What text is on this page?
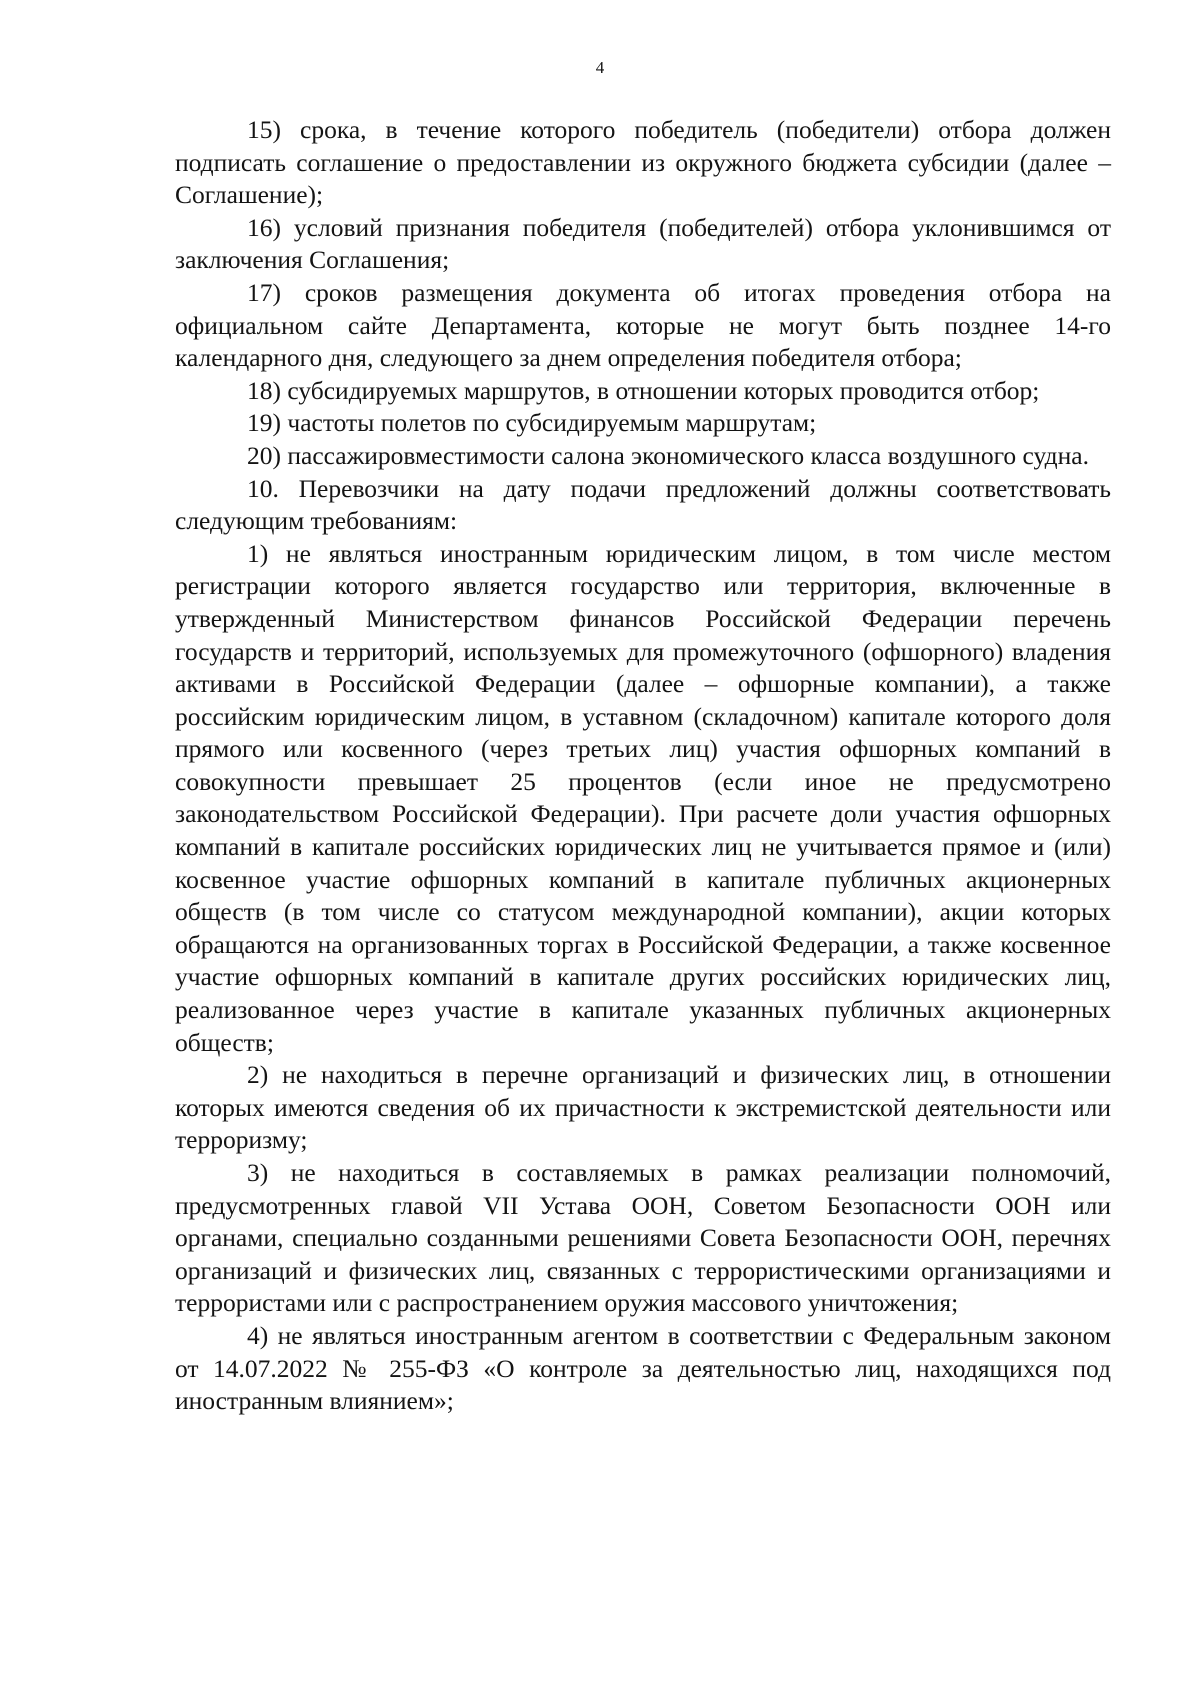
4

15) срока, в течение которого победитель (победители) отбора должен подписать соглашение о предоставлении из окружного бюджета субсидии (далее – Соглашение);

16) условий признания победителя (победителей) отбора уклонившимся от заключения Соглашения;

17) сроков размещения документа об итогах проведения отбора на официальном сайте Департамента, которые не могут быть позднее 14-го календарного дня, следующего за днем определения победителя отбора;

18) субсидируемых маршрутов, в отношении которых проводится отбор;

19) частоты полетов по субсидируемым маршрутам;

20) пассажировместимости салона экономического класса воздушного судна.

10. Перевозчики на дату подачи предложений должны соответствовать следующим требованиям:

1) не являться иностранным юридическим лицом, в том числе местом регистрации которого является государство или территория, включенные в утвержденный Министерством финансов Российской Федерации перечень государств и территорий, используемых для промежуточного (офшорного) владения активами в Российской Федерации (далее – офшорные компании), а также российским юридическим лицом, в уставном (складочном) капитале которого доля прямого или косвенного (через третьих лиц) участия офшорных компаний в совокупности превышает 25 процентов (если иное не предусмотрено законодательством Российской Федерации). При расчете доли участия офшорных компаний в капитале российских юридических лиц не учитывается прямое и (или) косвенное участие офшорных компаний в капитале публичных акционерных обществ (в том числе со статусом международной компании), акции которых обращаются на организованных торгах в Российской Федерации, а также косвенное участие офшорных компаний в капитале других российских юридических лиц, реализованное через участие в капитале указанных публичных акционерных обществ;

2) не находиться в перечне организаций и физических лиц, в отношении которых имеются сведения об их причастности к экстремистской деятельности или терроризму;

3) не находиться в составляемых в рамках реализации полномочий, предусмотренных главой VII Устава ООН, Советом Безопасности ООН или органами, специально созданными решениями Совета Безопасности ООН, перечнях организаций и физических лиц, связанных с террористическими организациями и террористами или с распространением оружия массового уничтожения;

4) не являться иностранным агентом в соответствии с Федеральным законом от 14.07.2022 № 255-ФЗ «О контроле за деятельностью лиц, находящихся под иностранным влиянием»;
